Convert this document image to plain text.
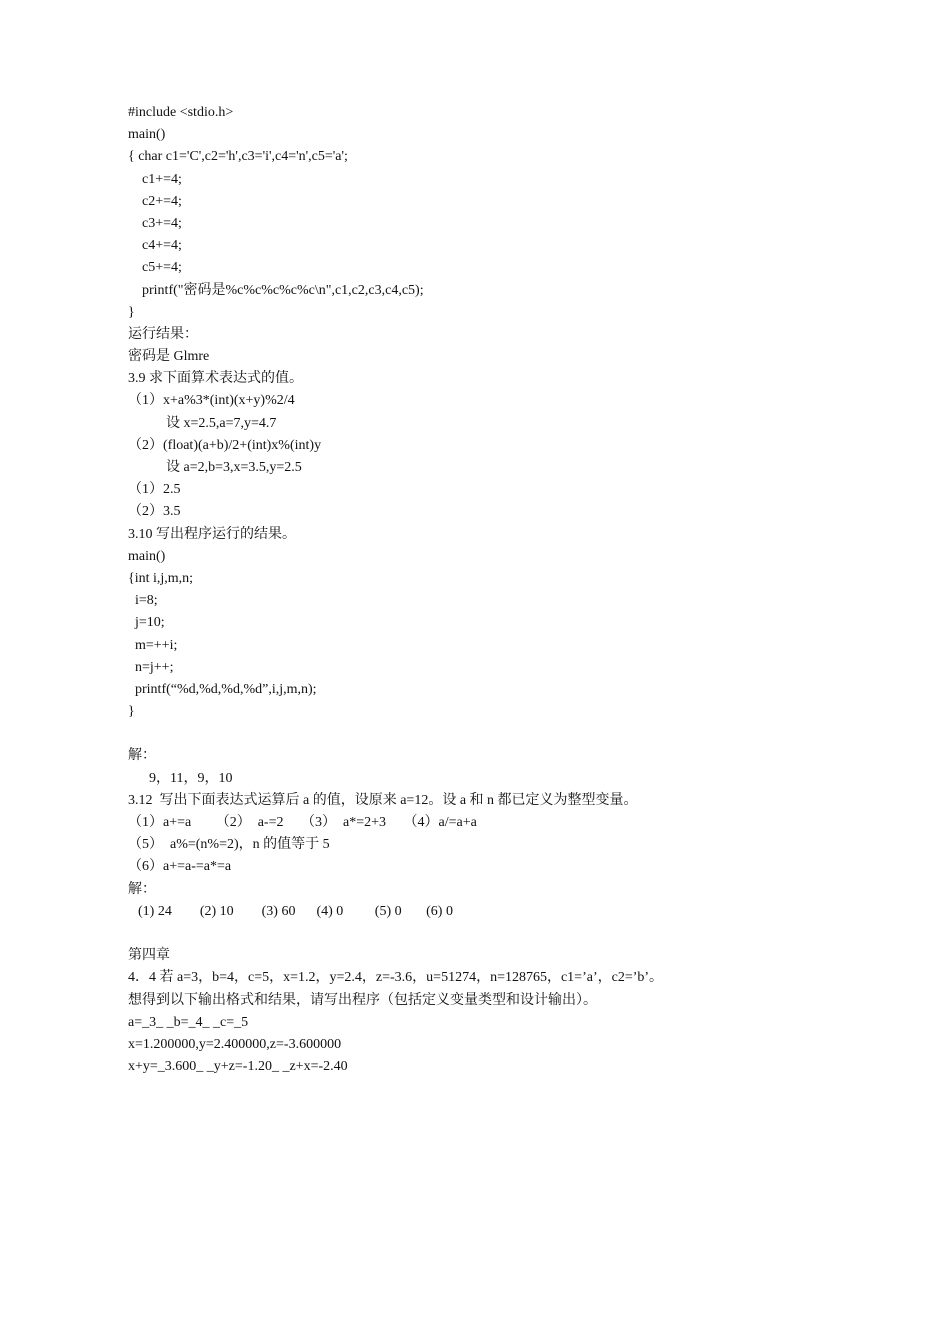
#include <stdio.h>
main()
{ char c1='C',c2='h',c3='i',c4='n',c5='a';
c1+=4;
c2+=4;
c3+=4;
c4+=4;
c5+=4;
printf("密码是%c%c%c%c%c\n",c1,c2,c3,c4,c5);
}
运行结果：
密码是 Glmre
3.9 求下面算术表达式的值。
（1）x+a%3*(int)(x+y)%2/4
设 x=2.5,a=7,y=4.7
（2）(float)(a+b)/2+(int)x%(int)y
设 a=2,b=3,x=3.5,y=2.5
（1）2.5
（2）3.5
3.10 写出程序运行的结果。
main()
{int i,j,m,n;
i=8;
j=10;
m=++i;
n=j++;
printf(“%d,%d,%d,%d”,i,j,m,n);
}
解：
9，11，9，10
3.12  写出下面表达式运算后 a 的值，设原来 a=12。设 a 和 n 都已定义为整型变量。
（1）a+=a       （2）  a-=2     （3）  a*=2+3     （4）a/=a+a
（5）  a%=(n%=2)，n 的值等于 5
（6）a+=a-=a*=a
解：
(1) 24        (2) 10        (3) 60      (4) 0         (5) 0       (6) 0
第四章
4．4 若 a=3，b=4，c=5，x=1.2，y=2.4，z=-3.6，u=51274，n=128765，c1=’a’，c2=’b’。
想得到以下输出格式和结果，请写出程序（包括定义变量类型和设计输出）。
a=_3_ _b=_4_ _c=_5
x=1.200000,y=2.400000,z=-3.600000
x+y=_3.600_ _y+z=-1.20_ _z+x=-2.40
